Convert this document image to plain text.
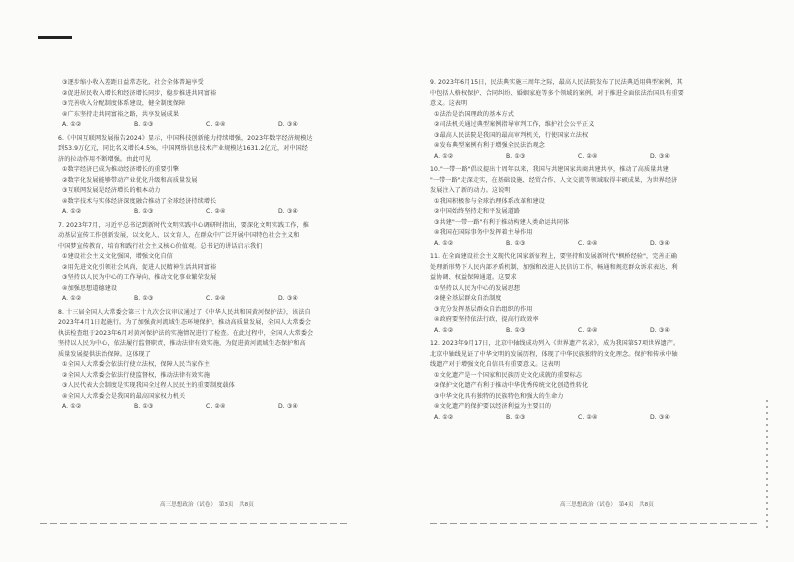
③逐步缩小收入差距日益常态化，社会全体普遍享受
②促进居民收入增长和经济增长同步，稳步推进共同富裕
③完善收入分配制度体系建设，健全制度保障
④广东坚持走共同富裕之路，共享发展成果
A. ①②	B. ①③	C. ②④	D. ③④
6.《中国互联网发展报告2024》显示，中国科技创新能力持续增强，2023年数字经济规模达
到53.9万亿元，同比名义增长4.5%，中国网络信息技术产业规模达1631.2亿元，对中国经
济的拉动作用不断增强。由此可见
①数字经济已成为推动经济增长的重要引擎
②数字化发展能够带动产业优化升级和高质量发展
③互联网发展是经济增长的根本动力
④数字技术与实体经济深度融合推动了全球经济持续增长
A. ①②	B. ①③	C. ②④	D. ③④
7. 2023年7月，习近平总书记到新时代文明实践中心调研时指出，要深化文明实践工作，推
动基层宣传工作创新发展，以文化人、以文育人，在群众中广泛开展中国特色社会主义和
中国梦宣传教育，培育和践行社会主义核心价值观。总书记的讲话启示我们
①建设社会主义文化强国，增强文化自信
②用先进文化引领社会风尚，促进人民精神生活共同富裕
③坚持以人民为中心的工作导向，推动文化事业繁荣发展
④加强思想道德建设
A. ①②	B. ①③	C. ②④	D. ③④
8. 十三届全国人大常委会第三十九次会议审议通过了《中华人民共和国黄河保护法》，该法自
2023年4月1日起施行。为了加强黄河流域生态环境保护，推动高质量发展，全国人大常委会
执法检查组于2023年6月对黄河保护法的实施情况进行了检查。在此过程中，全国人大常委会
坚持以人民为中心，依法履行监督职责，推动法律有效实施，为促进黄河流域生态保护和高
质量发展提供法治保障。这体现了
①全国人大常委会依法行使立法权，保障人民当家作主
②全国人大常委会依法行使监督权，推动法律有效实施
③人民代表大会制度是实现我国全过程人民民主的重要制度载体
④全国人大常委会是我国的最高国家权力机关
A. ①②	B. ①③	C. ②④	D. ③④
9. 2023年6月15日，民法典实施三周年之际，最高人民法院发布了民法典适用典型案例，其
中包括人格权保护、合同纠纷、婚姻家庭等多个领域的案例，对于推进全面依法治国具有重要
意义。这表明
①法治是治国理政的基本方式
②司法机关通过典型案例指导审判工作，维护社会公平正义
③最高人民法院是我国的最高审判机关，行使国家立法权
④发布典型案例有利于增强全民法治观念
A. ①②	B. ①③	C. ②④	D. ③④
10."一带一路"倡议提出十周年以来，我国与共建国家共商共建共享，推动了高质量共建
"一带一路"走深走实，在基础设施、经贸合作、人文交流等领域取得丰硕成果，为世界经济
发展注入了新的动力。这说明
①我国积极参与全球治理体系改革和建设
②中国始终坚持走和平发展道路
③共建"一带一路"有利于推动构建人类命运共同体
④我国在国际事务中发挥着主导作用
A. ①②	B. ①③	C. ②④	D. ③④
11. 在全面建设社会主义现代化国家新征程上，要坚持和发展新时代"枫桥经验"，完善正确
处理新形势下人民内部矛盾机制，加强和改进人民信访工作，畅通和规范群众诉求表达、利
益协调、权益保障通道。这要求
①坚持以人民为中心的发展思想
②健全基层群众自治制度
③充分发挥基层群众自治组织的作用
④政府要坚持依法行政，提高行政效率
A. ①②	B. ①③	C. ②④	D. ③④
12. 2023年9月17日，北京中轴线成功列入《世界遗产名录》，成为我国第57项世界遗产。
北京中轴线见证了中华文明的发展历程，体现了中华民族独特的文化理念。保护和传承中轴
线遗产对于增强文化自信具有重要意义。这表明
①文化遗产是一个国家和民族历史文化成就的重要标志
②保护文化遗产有利于推动中华优秀传统文化创造性转化
③中华文化具有独特的民族特色和强大的生命力
④文化遗产的保护要以经济利益为主要目的
A. ①②	B. ①③	C. ②④	D. ③④
高三思想政治（试卷）　第3页　共8页	高三思想政治（试卷）　第4页　共8页
